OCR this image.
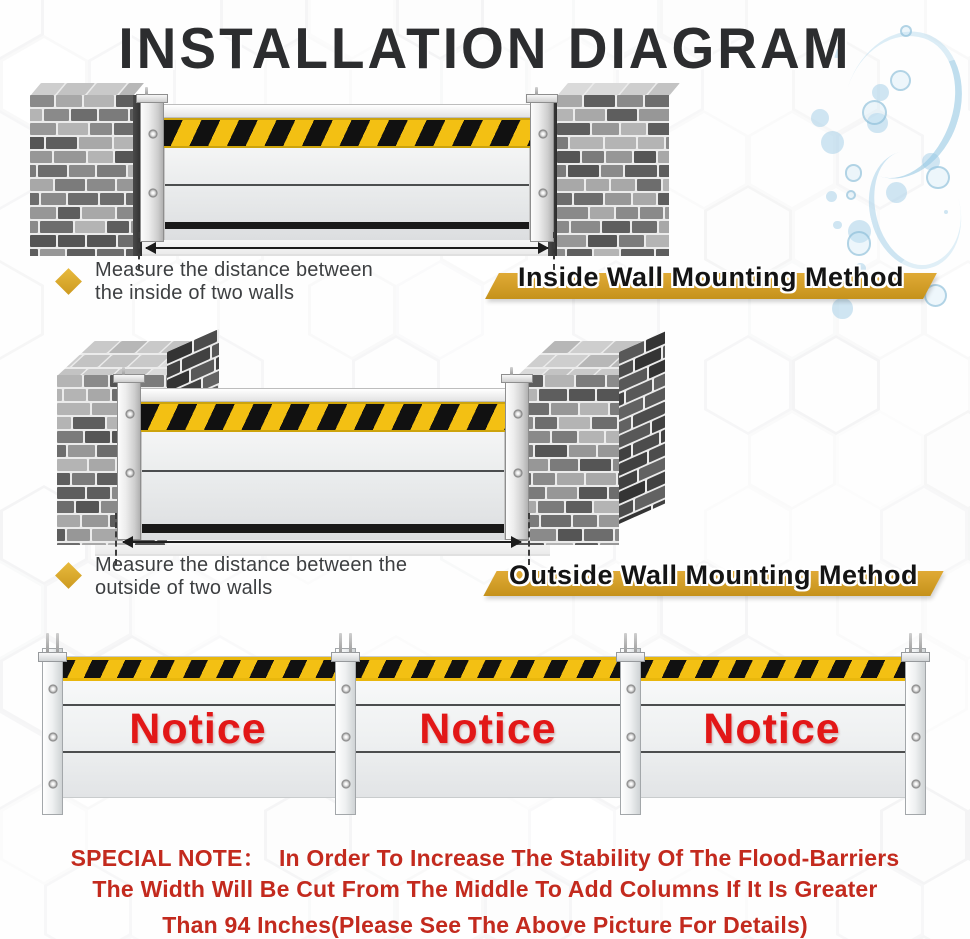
INSTALLATION DIAGRAM
Measure the distance between
the inside of two walls
Inside Wall Mounting Method
Measure the distance between the
outside of two walls	Outside Wall Mounting Method
Notice	Notice	Notice
SPECIAL NOTE：  In Order To Increase The Stability Of The Flood-Barriers
The Width Will Be Cut From The Middle To Add Columns If It Is Greater
Than 94 Inches(Please See The Above Picture For Details)
